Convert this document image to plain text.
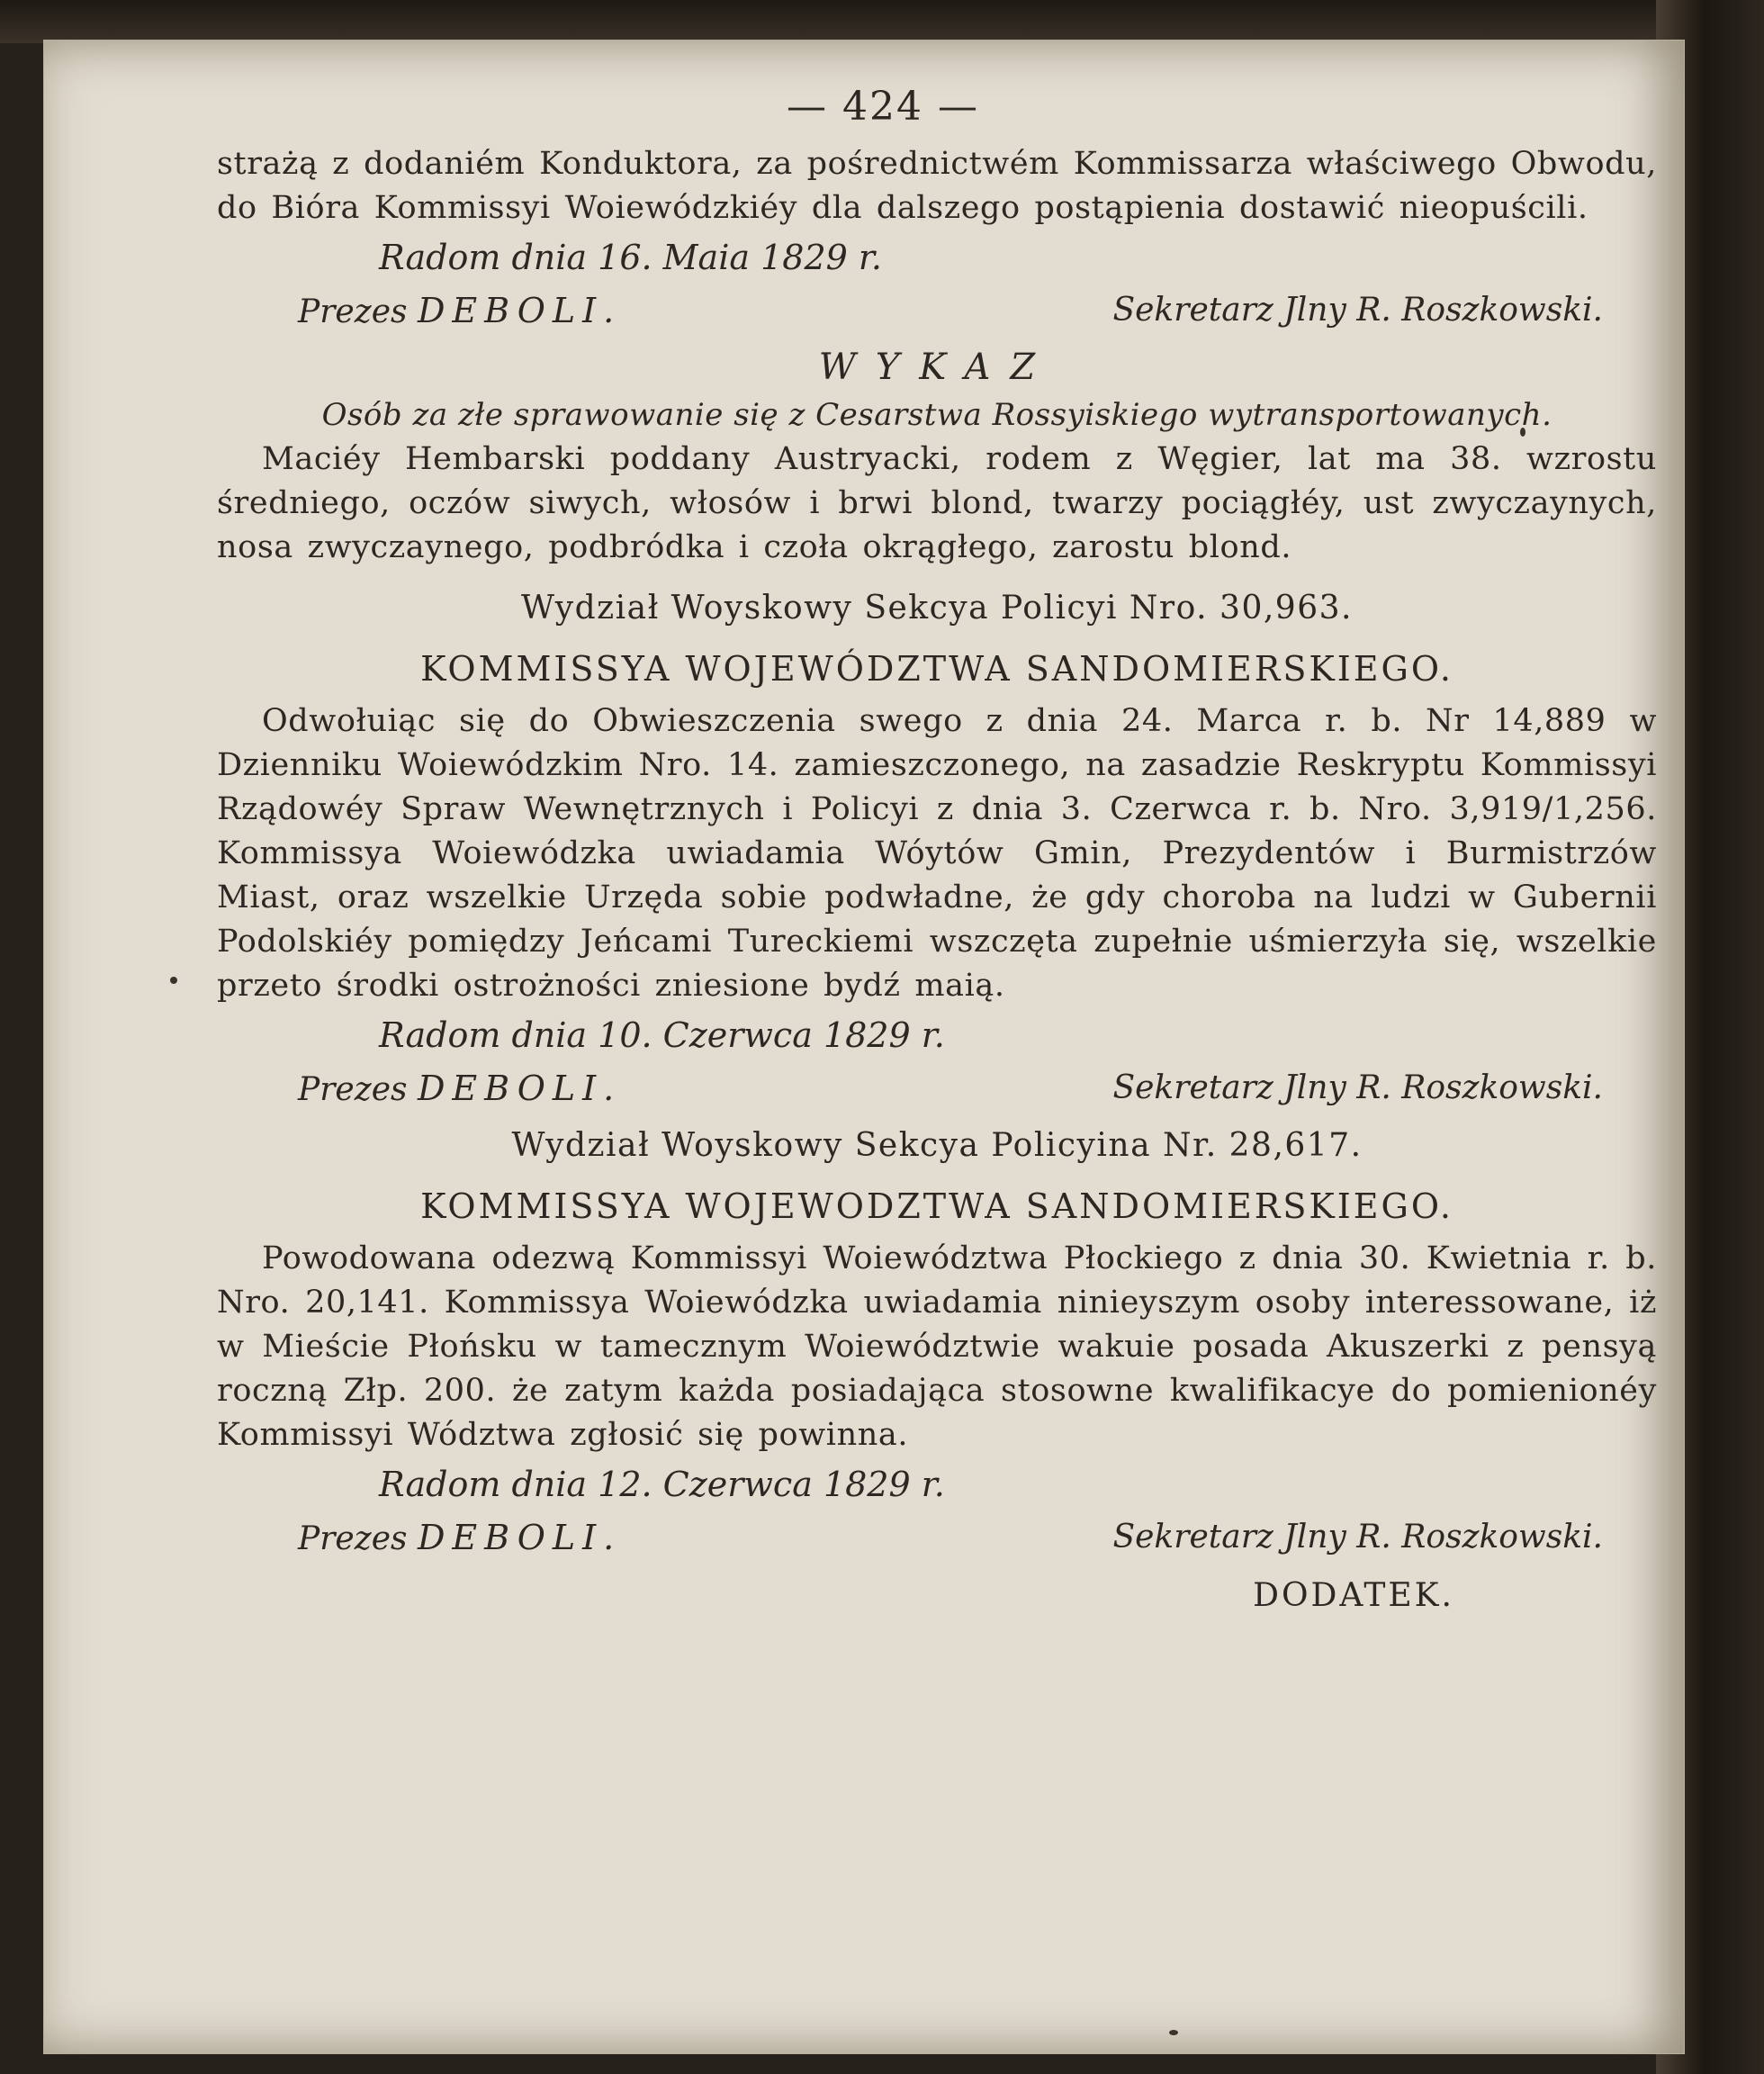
— 424 —

strażą z dodaniém Konduktora, za pośrednictwém Kommissarza właściwego Obwodu, do Bióra Kommissyi Woiewódzkiéy dla dalszego postąpienia dostawić nieopuścili.

Radom dnia 16. Maia 1829 r.

Prezes DEBOLI.	Sekretarz Jlny R. Roszkowski.

WYKAZ

Osób za złe sprawowanie się z Cesarstwa Rossyiskiego wytransportowanych.

Maciéy Hembarski poddany Austryacki, rodem z Węgier, lat ma 38. wzrostu średniego, oczów siwych, włosów i brwi blond, twarzy pociągłéy, ust zwyczaynych, nosa zwyczaynego, podbródka i czoła okrągłego, zarostu blond.

Wydział Woyskowy Sekcya Policyi Nro. 30,963.

KOMMISSYA WOJEWÓDZTWA SANDOMIERSKIEGO.

Odwołuiąc się do Obwieszczenia swego z dnia 24. Marca r. b. Nr 14,889 w Dzienniku Woiewódzkim Nro. 14. zamieszczonego, na zasadzie Reskryptu Kommissyi Rządowéy Spraw Wewnętrznych i Policyi z dnia 3. Czerwca r. b. Nro. 3,919/1,256. Kommissya Woiewódzka uwiadamia Wóytów Gmin, Prezydentów i Burmistrzów Miast, oraz wszelkie Urzęda sobie podwładne, że gdy choroba na ludzi w Gubernii Podolskiéy pomiędzy Jeńcami Tureckiemi wszczęta zupełnie uśmierzyła się, wszelkie przeto środki ostrożności zniesione bydź maią.

Radom dnia 10. Czerwca 1829 r.

Prezes DEBOLI.	Sekretarz Jlny R. Roszkowski.

Wydział Woyskowy Sekcya Policyina Nr. 28,617.

KOMMISSYA WOJEWODZTWA SANDOMIERSKIEGO.

Powodowana odezwą Kommissyi Woiewództwa Płockiego z dnia 30. Kwietnia r. b. Nro. 20,141. Kommissya Woiewódzka uwiadamia ninieyszym osoby interessowane, iż w Mieście Płońsku w tamecznym Woiewództwie wakuie posada Akuszerki z pensyą roczną Złp. 200. że zatym każda posiadająca stosowne kwalifikacye do pomienionéy Kommissyi Wództwa zgłosić się powinna.

Radom dnia 12. Czerwca 1829 r.

Prezes DEBOLI.	Sekretarz Jlny R. Roszkowski.

DODATEK.
